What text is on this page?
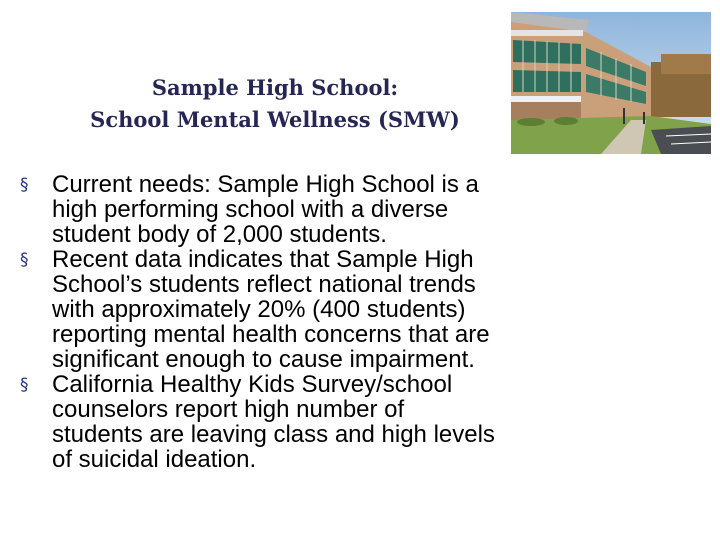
Sample High School:
School Mental Wellness (SMW)
§ Current needs: Sample High School is a
high performing school with a diverse
student body of 2,000 students.
§ Recent data indicates that Sample High
School’s students reflect national trends
with approximately 20% (400 students)
reporting mental health concerns that are
significant enough to cause impairment.
§ California Healthy Kids Survey/school
counselors report high number of
students are leaving class and high levels
of suicidal ideation.
